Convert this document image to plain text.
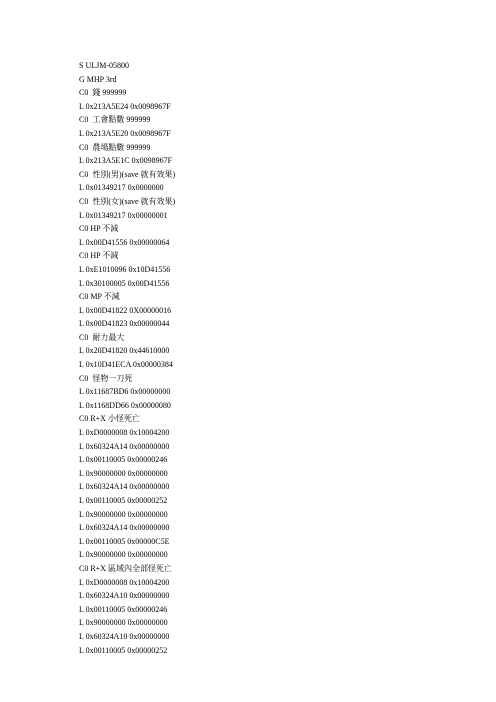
S ULJM-05800
G MHP 3rd
C0  錢 999999
L 0x213A5E24 0x0098967F
C0  工會點數 999999
L 0x213A5E20 0x0098967F
C0  農場點數 999999
L 0x213A5E1C 0x0098967F
C0  性別(男)(save 就有效果)
L 0x01349217 0x0000000
C0  性別(女)(save 就有效果)
L 0x01349217 0x00000001
C0 HP 不減
L 0x00D41556 0x00000064
C0 HP 不減
L 0xE1010096 0x10D41556
L 0x30100005 0x00D41556
C0 MP 不減
L 0x00D41822 0X00000016
L 0x00D41823 0x00000044
C0  耐力最大
L 0x20D41820 0x44610000
L 0x10D41ECA 0x00000384
C0  怪物一刀死
L 0x11687BD6 0x00000000
L 0x1168DD66 0x00000080
C0 R+X 小怪死亡
L 0xD0000008 0x10004200
L 0x60324A14 0x00000000
L 0x00110005 0x00000246
L 0x90000000 0x00000000
L 0x60324A14 0x00000000
L 0x00110005 0x00000252
L 0x90000000 0x00000000
L 0x60324A14 0x00000000
L 0x00110005 0x00000C5E
L 0x90000000 0x00000000
C0 R+X 區域內全部怪死亡
L 0xD0000008 0x10004200
L 0x60324A10 0x00000000
L 0x00110005 0x00000246
L 0x90000000 0x00000000
L 0x60324A10 0x00000000
L 0x00110005 0x00000252
